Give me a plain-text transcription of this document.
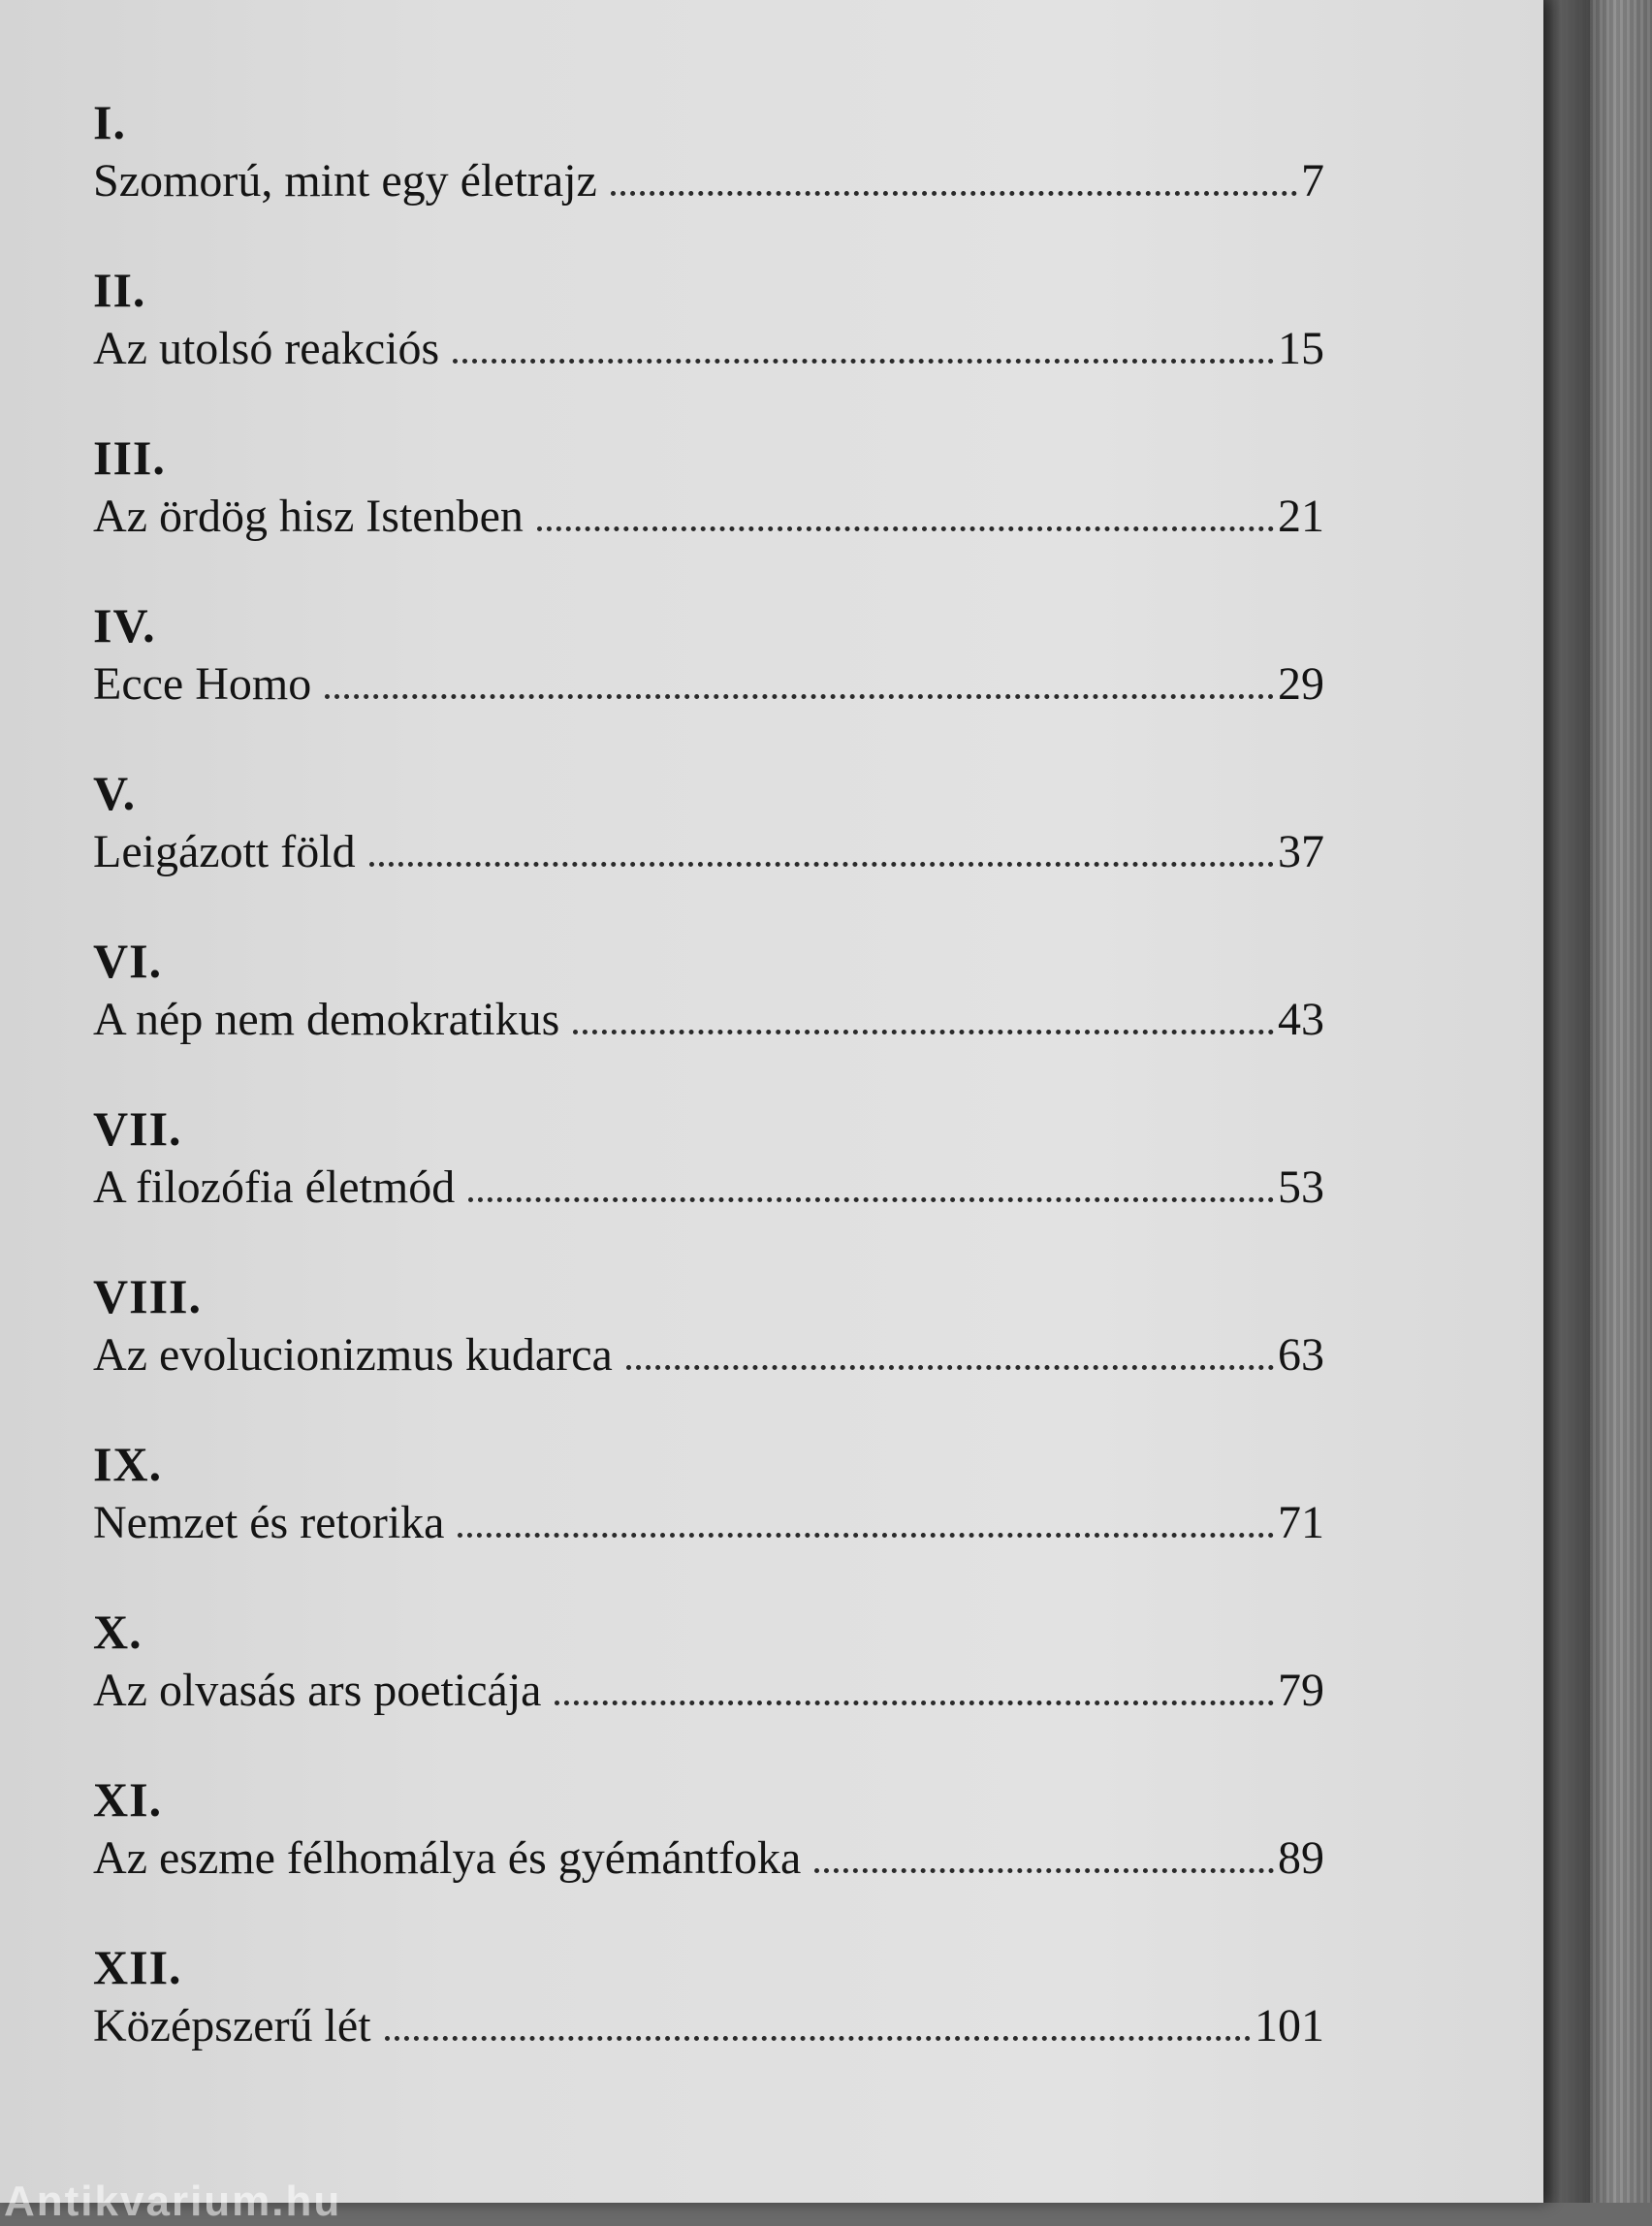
I.
Szomorú, mint egy életrajz	7
II.
Az utolsó reakciós	15
III.
Az ördög hisz Istenben	21
IV.
Ecce Homo	29
V.
Leigázott föld	37
VI.
A nép nem demokratikus	43
VII.
A filozófia életmód	53
VIII.
Az evolucionizmus kudarca	63
IX.
Nemzet és retorika	71
X.
Az olvasás ars poeticája	79
XI.
Az eszme félhomálya és gyémántfoka	89
XII.
Középszerű lét	101
Antikvarium.hu
